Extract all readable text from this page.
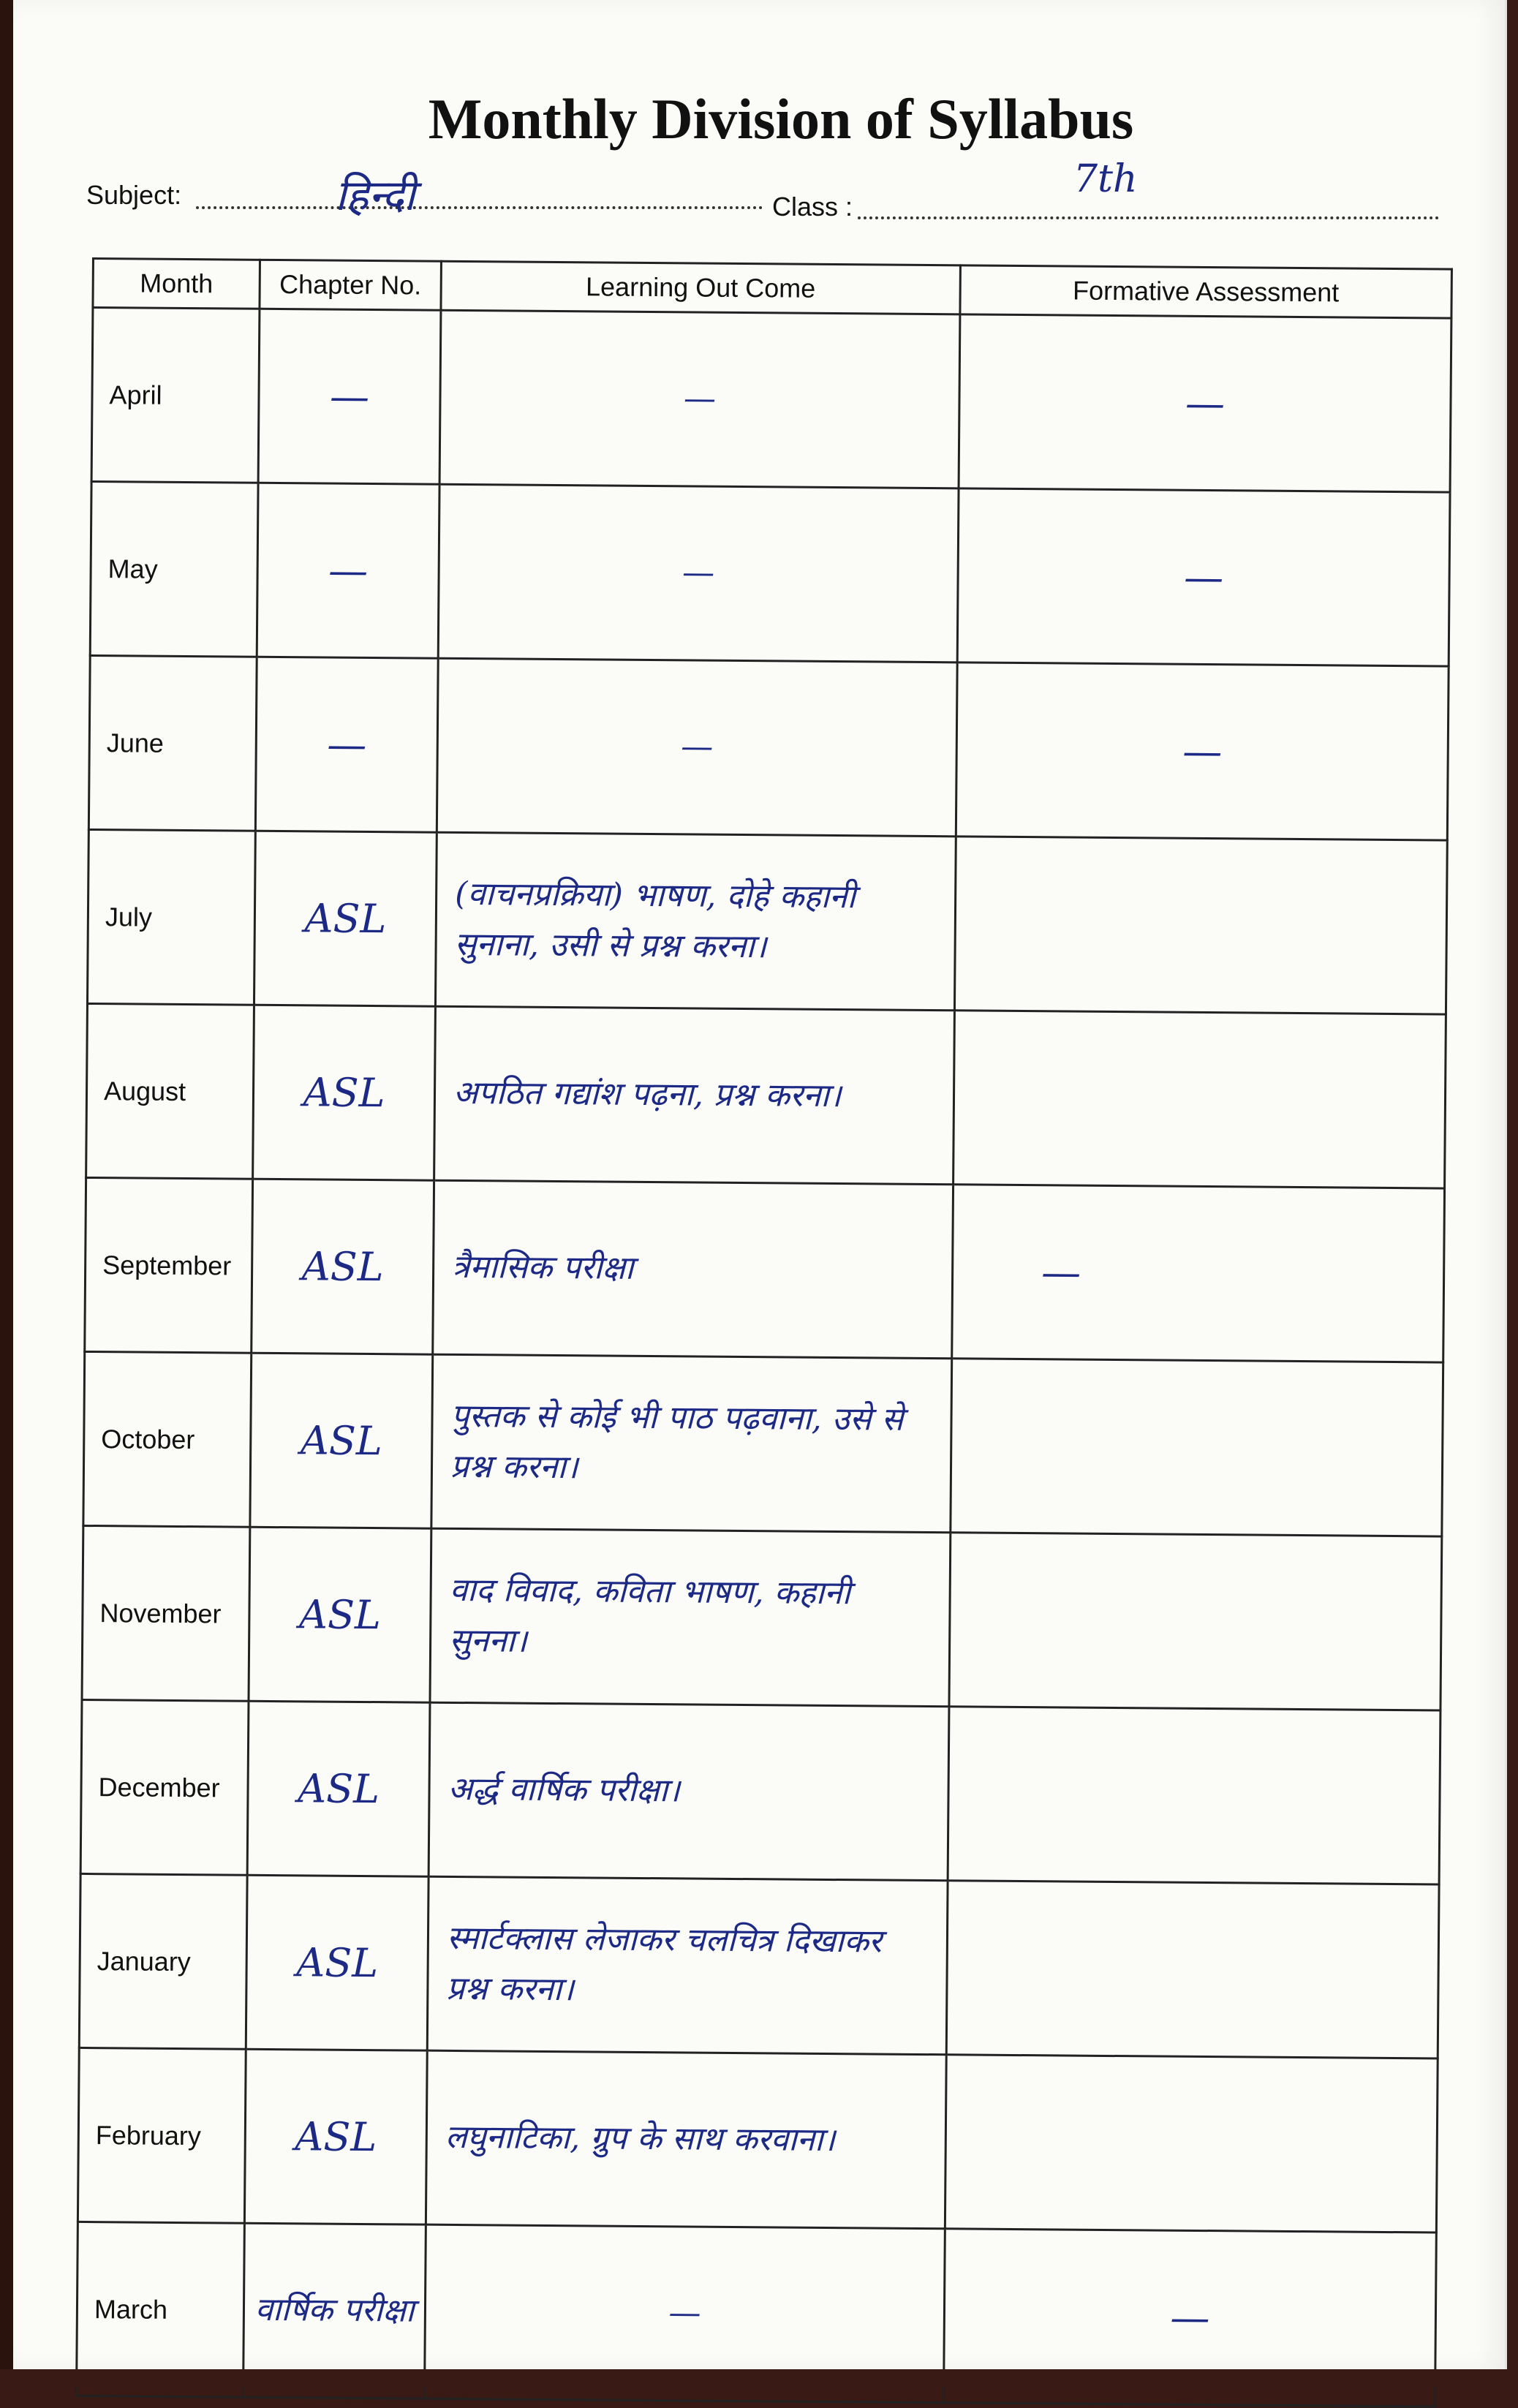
Monthly Division of Syllabus
Subject:	हिन्दी	Class :
7th
Month	Chapter No.	Learning Out Come	Formative Assessment
April	—	—	—
May	—	—	—
June	—	—	—
July	ASL	(वाचनप्रक्रिया) भाषण, दोहे कहानी सुनाना, उसी से प्रश्न करना।	
August	ASL	अपठित गद्यांश पढ़ना, प्रश्न करना।	
September	ASL	त्रैमासिक परीक्षा	—
October	ASL	पुस्तक से कोई भी पाठ पढ़वाना, उसे से प्रश्न करना।	
November	ASL	वाद विवाद, कविता भाषण, कहानी सुनना।	
December	ASL	अर्द्ध वार्षिक परीक्षा।	
January	ASL	स्मार्टक्लास लेजाकर चलचित्र दिखाकर प्रश्न करना।	
February	ASL	लघुनाटिका, ग्रुप के साथ करवाना।	
March	वार्षिक परीक्षा	—	—
